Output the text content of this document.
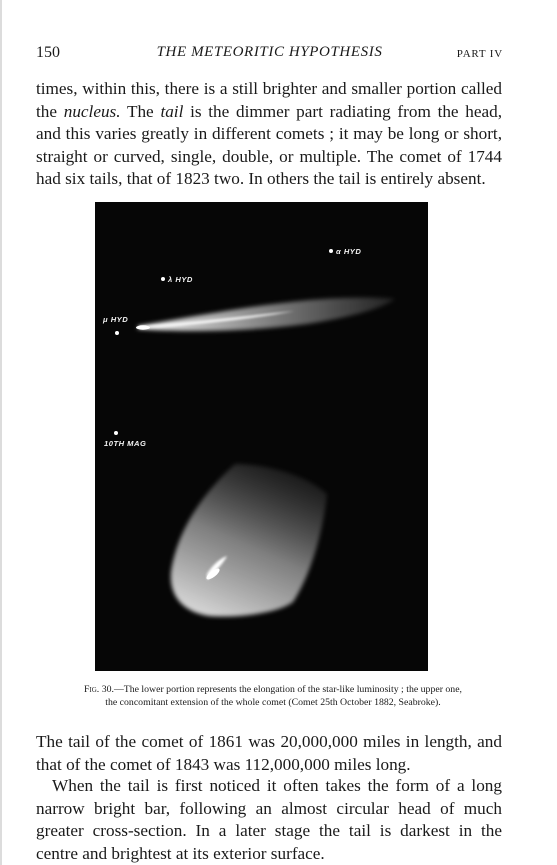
150	THE METEORITIC HYPOTHESIS	PART IV

times, within this, there is a still brighter and smaller portion called
the nucleus. The tail is the dimmer part radiating from the head,
and this varies greatly in different comets ; it may be long or short,
straight or curved, single, double, or multiple. The comet of 1744
had six tails, that of 1823 two. In others the tail is entirely absent.

α HYD
λ HYD
μ HYD
10TH MAG
Fig. 30.—The lower portion represents the elongation of the star-like luminosity ; the upper one,
the concomitant extension of the whole comet (Comet 25th October 1882, Seabroke).

The tail of the comet of 1861 was 20,000,000 miles in length, and
that of the comet of 1843 was 112,000,000 miles long.

When the tail is first noticed it often takes the form of a long
narrow bright bar, following an almost circular head of much
greater cross-section. In a later stage the tail is darkest in the
centre and brightest at its exterior surface.
